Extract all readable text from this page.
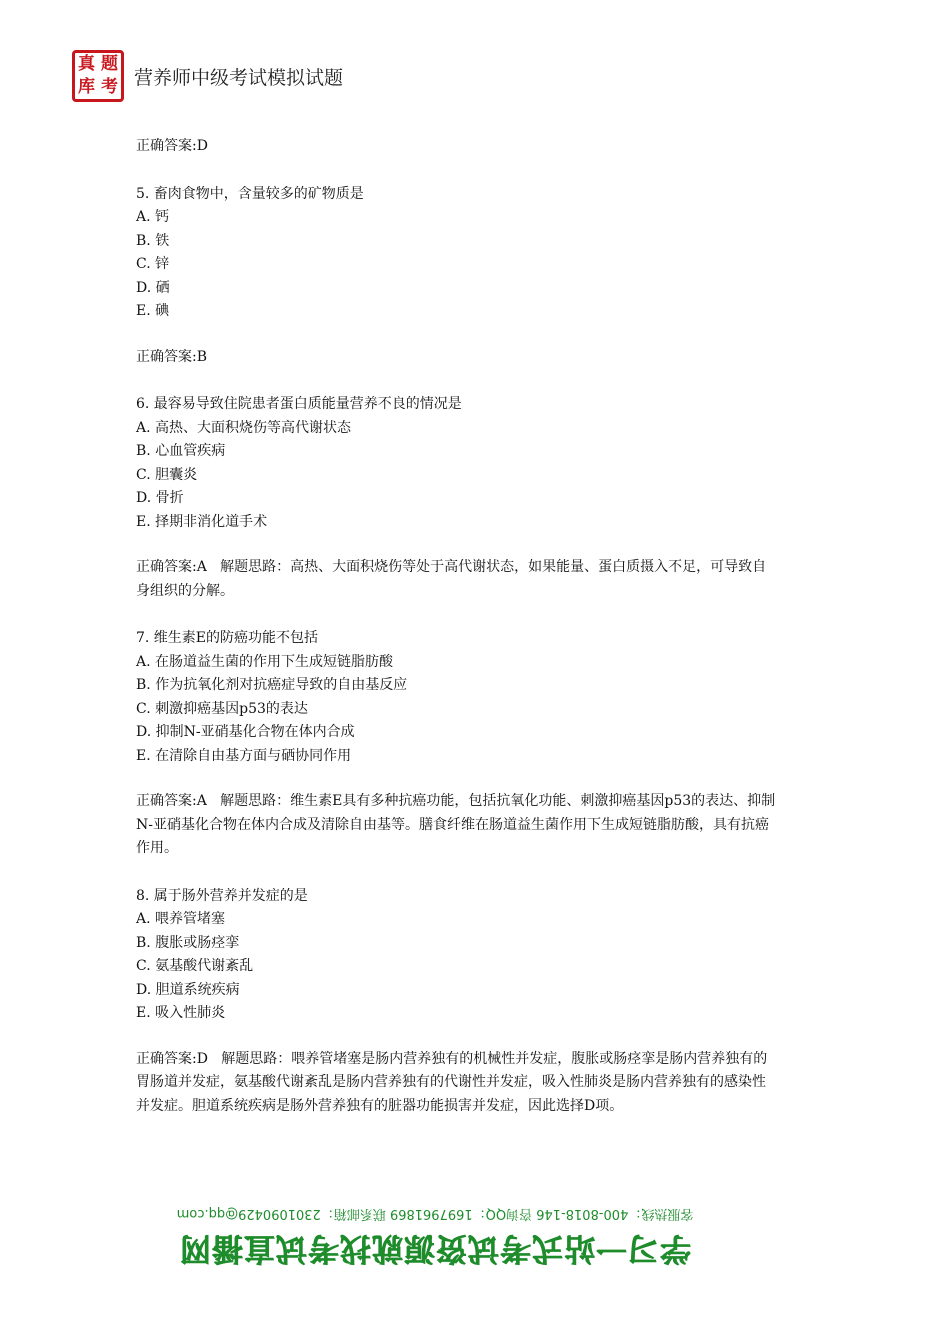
真 题
库 考 营养师中级考试模拟试题
正确答案:D
5. 畜肉食物中，含量较多的矿物质是
A. 钙
B. 铁
C. 锌
D. 硒
E. 碘
正确答案:B
6. 最容易导致住院患者蛋白质能量营养不良的情况是
A. 高热、大面积烧伤等高代谢状态
B. 心血管疾病
C. 胆囊炎
D. 骨折
E. 择期非消化道手术
正确答案:A   解题思路：高热、大面积烧伤等处于高代谢状态，如果能量、蛋白质摄入不足，可导致自身组织的分解。
7. 维生素E的防癌功能不包括
A. 在肠道益生菌的作用下生成短链脂肪酸
B. 作为抗氧化剂对抗癌症导致的自由基反应
C. 刺激抑癌基因p53的表达
D. 抑制N-亚硝基化合物在体内合成
E. 在清除自由基方面与硒协同作用
正确答案:A   解题思路：维生素E具有多种抗癌功能，包括抗氧化功能、刺激抑癌基因p53的表达、抑制N-亚硝基化合物在体内合成及清除自由基等。膳食纤维在肠道益生菌作用下生成短链脂肪酸，具有抗癌作用。
8. 属于肠外营养并发症的是
A. 喂养管堵塞
B. 腹胀或肠痉挛
C. 氨基酸代谢紊乱
D. 胆道系统疾病
E. 吸入性肺炎
正确答案:D   解题思路：喂养管堵塞是肠内营养独有的机械性并发症，腹胀或肠痉挛是肠内营养独有的胃肠道并发症，氨基酸代谢紊乱是肠内营养独有的代谢性并发症，吸入性肺炎是肠内营养独有的感染性并发症。胆道系统疾病是肠外营养独有的脏器功能损害并发症，因此选择D项。
客服热线：400-8018-146 咨询QQ：1697961869 联系邮箱：2301090429@qq.com
学习一站式考试资源就找考试直播网
